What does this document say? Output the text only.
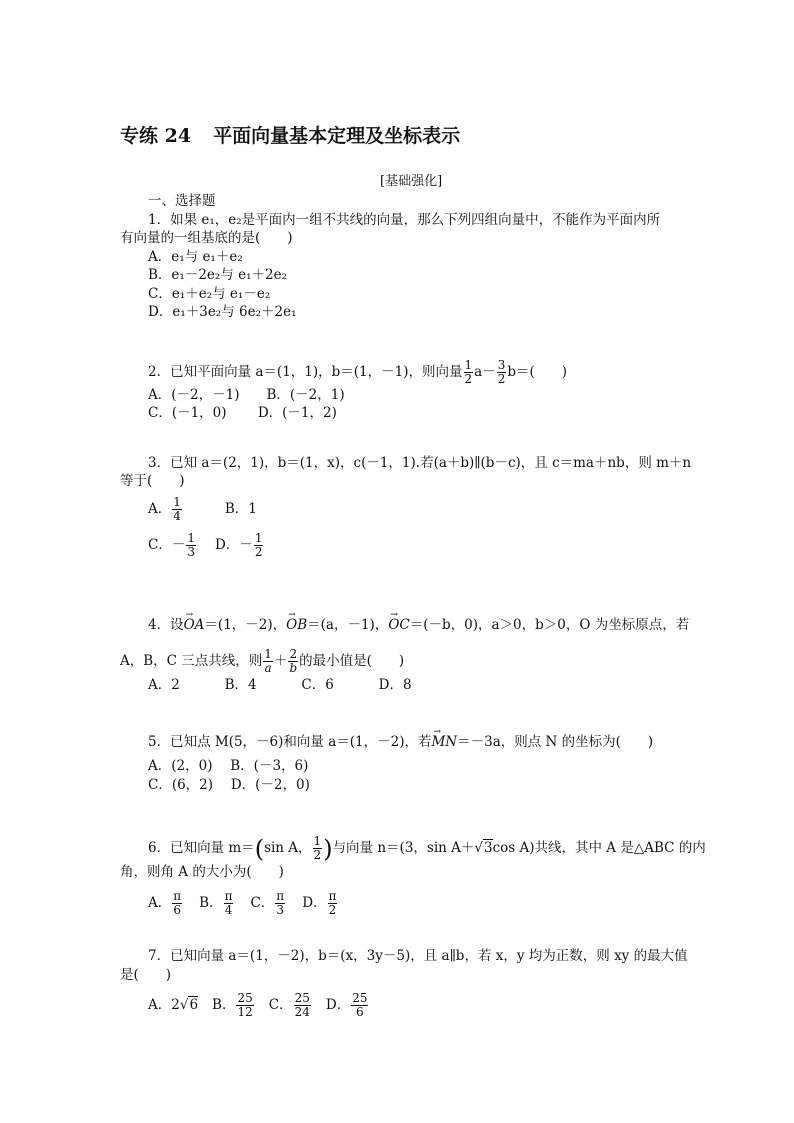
专练 24 平面向量基本定理及坐标表示
[基础强化]
一、选择题
1．如果 e₁，e₂是平面内一组不共线的向量，那么下列四组向量中，不能作为平面内所
有向量的一组基底的是(　　)
A．e₁与 e₁＋e₂
B．e₁－2e₂与 e₁＋2e₂
C．e₁＋e₂与 e₁－e₂
D．e₁＋3e₂与 6e₂＋2e₁
2．已知平面向量 a＝(1，1)，b＝(1，－1)，则向量 $\frac{1}{2} a- \frac{3}{2} b=$(　　)
A．(－2，－1)　　B．(－2，1)
C．(－1，0)　　 D．(－1，2)
3．已知 a＝(2，1)，b＝(1，x)，c(－1，1).若(a＋b)∥(b－c)，且 c＝ma＋nb，则 m＋n
等于(　　)
A． $\frac{1}{4}$	B．1
C．－ $\frac{1}{3}$ D．－ $\frac{1}{2}$
4．设→ OA＝(1，－2)，→ OB＝(a，－1)，→ OC＝(－b，0)，a＞0，b＞0，O 为坐标原点，若
A，B，C 三点共线，则 $\frac{1}{a} + \frac{2}{b}$ 的最小值是(　　)
A．2　　　 B．4　　　 C．6　　　 D．8
5．已知点 M(5，－6)和向量 a＝(1，－2)，若→ MN＝－3a，则点 N 的坐标为(　　)
A．(2，0)　 B．(－3，6)
C．(6，2)　 D．(－2，0)
6．已知向量 m＝(sin A， $\frac{1}{2}$ )与向量 n＝(3，sin A＋√3cos A)共线，其中 A 是△ABC 的内
角，则角 A 的大小为(　　)
A． $\frac{\pi}{6}$ B． $\frac{\pi}{4}$ C． $\frac{\pi}{3}$ D． $\frac{\pi}{2}$
7．已知向量 a＝(1，－2)，b＝(x，3y－5)，且 a∥b，若 x，y 均为正数，则 xy 的最大值
是(　　)
A．2√6 B． $\frac{25}{12}$ C． $\frac{25}{24}$ D． $\frac{25}{6}$
